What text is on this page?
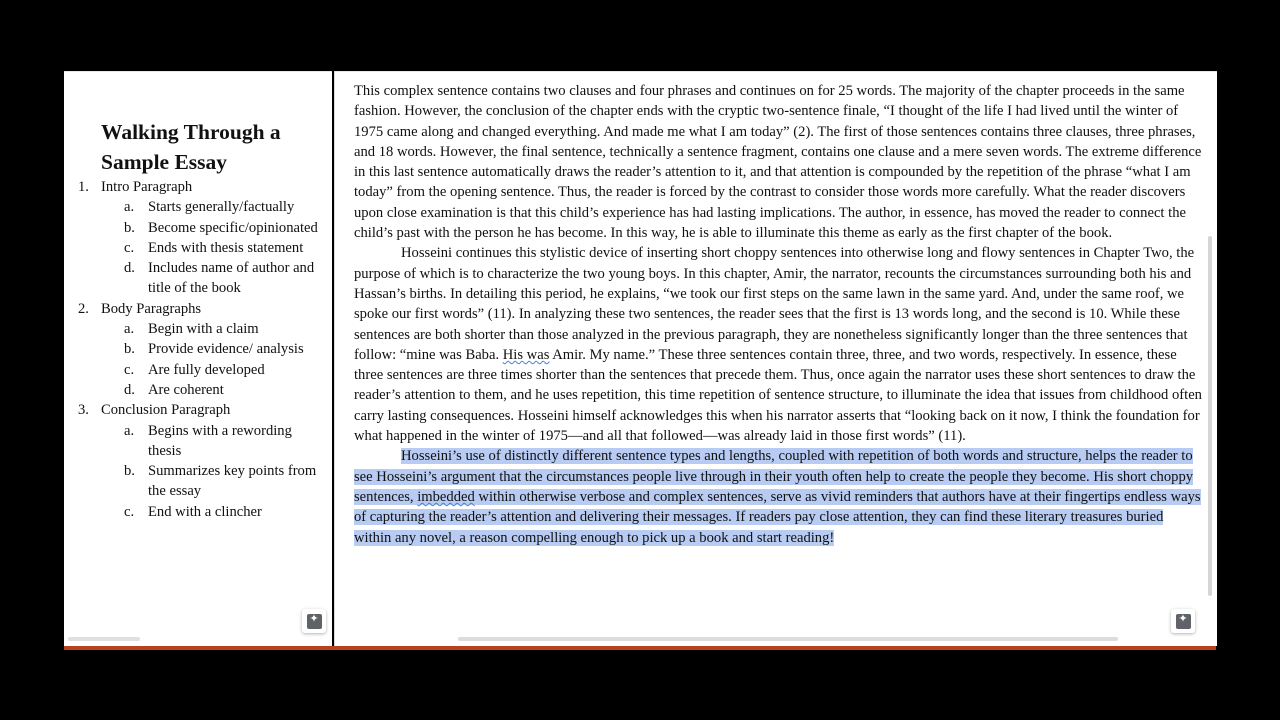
Walking Through a Sample Essay
1. Intro Paragraph
a. Starts generally/factually
b. Become specific/opinionated
c. Ends with thesis statement
d. Includes name of author and title of the book
2. Body Paragraphs
a. Begin with a claim
b. Provide evidence/ analysis
c. Are fully developed
d. Are coherent
3. Conclusion Paragraph
a. Begins with a rewording thesis
b. Summarizes key points from the essay
c. End with a clincher
✦

This complex sentence contains two clauses and four phrases and continues on for 25 words. The majority of the chapter proceeds in the same fashion. However, the conclusion of the chapter ends with the cryptic two-sentence finale, “I thought of the life I had lived until the winter of 1975 came along and changed everything. And made me what I am today” (2). The first of those sentences contains three clauses, three phrases, and 18 words. However, the final sentence, technically a sentence fragment, contains one clause and a mere seven words. The extreme difference in this last sentence automatically draws the reader’s attention to it, and that attention is compounded by the repetition of the phrase “what I am today” from the opening sentence. Thus, the reader is forced by the contrast to consider those words more carefully. What the reader discovers upon close examination is that this child’s experience has had lasting implications. The author, in essence, has moved the reader to connect the child’s past with the person he has become. In this way, he is able to illuminate this theme as early as the first chapter of the book.

Hosseini continues this stylistic device of inserting short choppy sentences into otherwise long and flowy sentences in Chapter Two, the purpose of which is to characterize the two young boys. In this chapter, Amir, the narrator, recounts the circumstances surrounding both his and Hassan’s births. In detailing this period, he explains, “we took our first steps on the same lawn in the same yard. And, under the same roof, we spoke our first words” (11). In analyzing these two sentences, the reader sees that the first is 13 words long, and the second is 10. While these sentences are both shorter than those analyzed in the previous paragraph, they are nonetheless significantly longer than the three sentences that follow: “mine was Baba. His was Amir. My name.” These three sentences contain three, three, and two words, respectively. In essence, these three sentences are three times shorter than the sentences that precede them. Thus, once again the narrator uses these short sentences to draw the reader’s attention to them, and he uses repetition, this time repetition of sentence structure, to illuminate the idea that issues from childhood often carry lasting consequences. Hosseini himself acknowledges this when his narrator asserts that “looking back on it now, I think the foundation for what happened in the winter of 1975—and all that followed—was already laid in those first words” (11).

Hosseini’s use of distinctly different sentence types and lengths, coupled with repetition of both words and structure, helps the reader to see Hosseini’s argument that the circumstances people live through in their youth often help to create the people they become. His short choppy sentences, imbedded within otherwise verbose and complex sentences, serve as vivid reminders that authors have at their fingertips endless ways of capturing the reader’s attention and delivering their messages. If readers pay close attention, they can find these literary treasures buried within any novel, a reason compelling enough to pick up a book and start reading!

✦
